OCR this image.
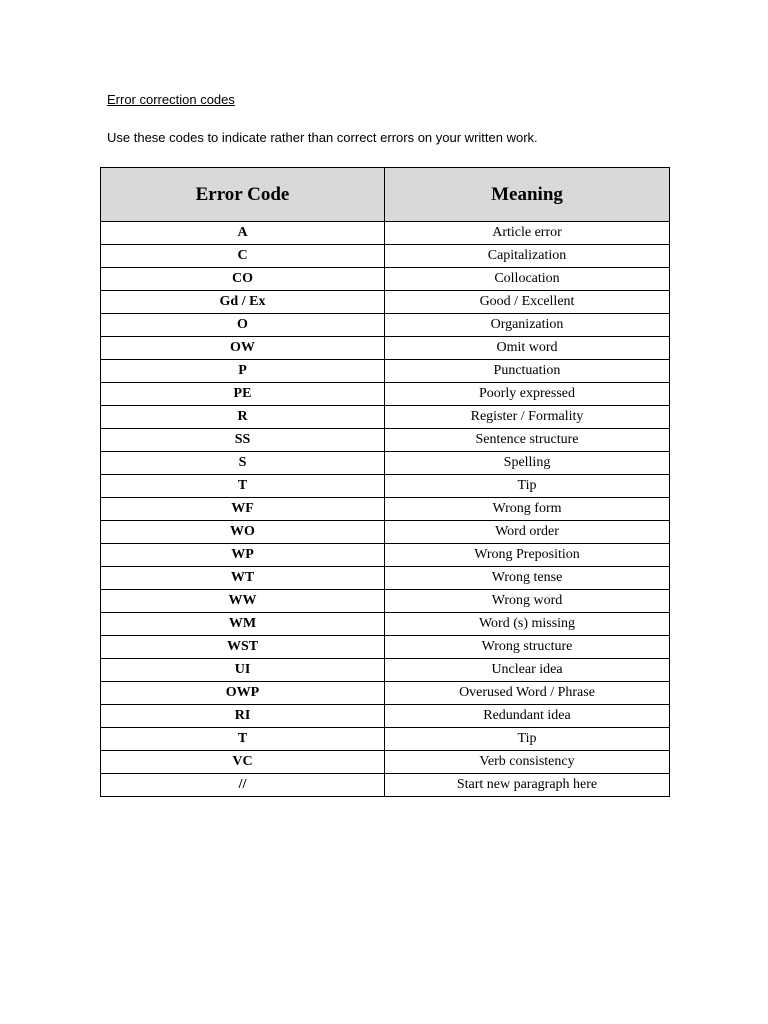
Error correction codes
Use these codes to indicate rather than correct errors on your written work.
Error Code	Meaning
A	Article error
C	Capitalization
CO	Collocation
Gd / Ex	Good / Excellent
O	Organization
OW	Omit word
P	Punctuation
PE	Poorly expressed
R	Register / Formality
SS	Sentence structure
S	Spelling
T	Tip
WF	Wrong form
WO	Word order
WP	Wrong Preposition
WT	Wrong tense
WW	Wrong word
WM	Word (s) missing
WST	Wrong structure
UI	Unclear idea
OWP	Overused Word / Phrase
RI	Redundant idea
T	Tip
VC	Verb consistency
//	Start new paragraph here
